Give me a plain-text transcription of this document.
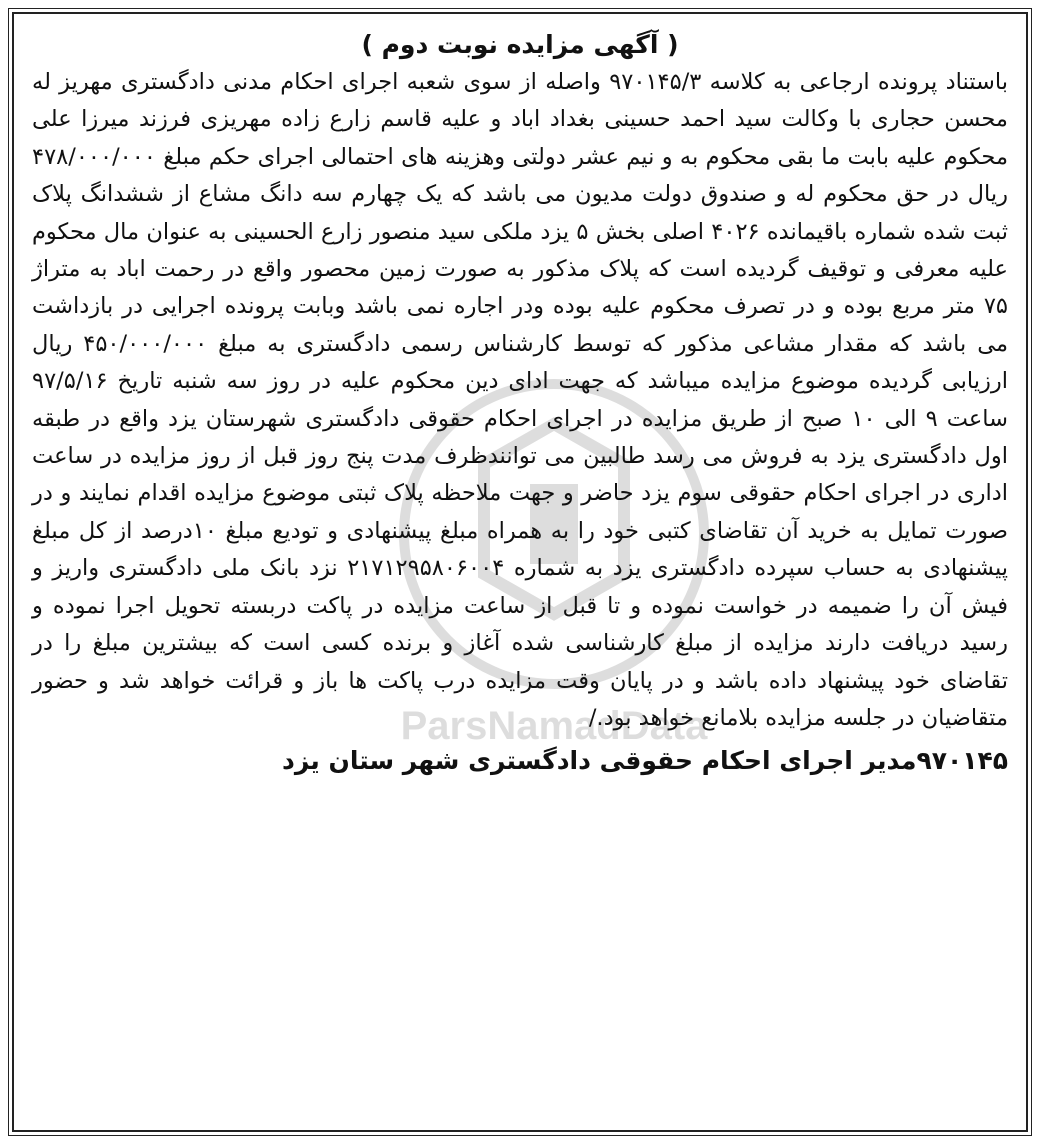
ParsNamadData
( آگهی مزایده نوبت دوم )

باستناد پرونده ارجاعی به کلاسه ۹۷۰۱۴۵/۳ واصله از سوی شعبه اجرای احکام مدنی دادگستری مهریز له محسن حجاری با وکالت سید احمد حسینی بغداد اباد و علیه قاسم زارع زاده مهریزی فرزند میرزا علی محکوم علیه بابت ما بقی محکوم به و نیم عشر دولتی وهزینه های احتمالی اجرای حکم مبلغ ۴۷۸/۰۰۰/۰۰۰ ریال در حق محکوم له و صندوق دولت مدیون می باشد که یک چهارم سه دانگ مشاع از ششدانگ پلاک ثبت شده شماره باقیمانده ۴۰۲۶ اصلی بخش ۵ یزد ملکی سید منصور زارع الحسینی به عنوان مال محکوم علیه معرفی و توقیف گردیده است که پلاک مذکور به صورت زمین محصور واقع در رحمت اباد به متراژ ۷۵ متر مربع بوده و در تصرف محکوم علیه بوده ودر اجاره نمی باشد وبابت پرونده اجرایی در بازداشت می باشد که مقدار مشاعی مذکور که توسط کارشناس رسمی دادگستری به مبلغ ۴۵۰/۰۰۰/۰۰۰ ریال ارزیابی گردیده موضوع مزایده میباشد که جهت ادای دین محکوم علیه در روز سه شنبه تاریخ ۹۷/۵/۱۶ ساعت ۹ الی ۱۰ صبح از طریق مزایده در اجرای احکام حقوقی دادگستری شهرستان یزد واقع در طبقه اول دادگستری یزد به فروش می رسد طالبین می توانندظرف مدت پنج روز قبل از روز مزایده در ساعت اداری در اجرای احکام حقوقی سوم یزد حاضر و جهت ملاحظه پلاک ثبتی موضوع مزایده اقدام نمایند و در صورت تمایل به خرید آن تقاضای کتبی خود را به همراه مبلغ پیشنهادی و تودیع مبلغ ۱۰درصد از کل مبلغ پیشنهادی به حساب سپرده دادگستری یزد به شماره ۲۱۷۱۲۹۵۸۰۶۰۰۴ نزد بانک ملی دادگستری واریز و فیش آن را ضمیمه در خواست نموده و تا قبل از ساعت مزایده در پاکت دربسته تحویل اجرا نموده و رسید دریافت دارند مزایده از مبلغ کارشناسی شده آغاز و برنده کسی است که بیشترین مبلغ را در تقاضای خود پیشنهاد داده باشد و در پایان وقت مزایده درب پاکت ها باز و قرائت خواهد شد و حضور متقاضیان در جلسه مزایده بلامانع خواهد بود./

۹۷۰۱۴۵مدیر اجرای احکام حقوقی دادگستری شهر ستان یزد
